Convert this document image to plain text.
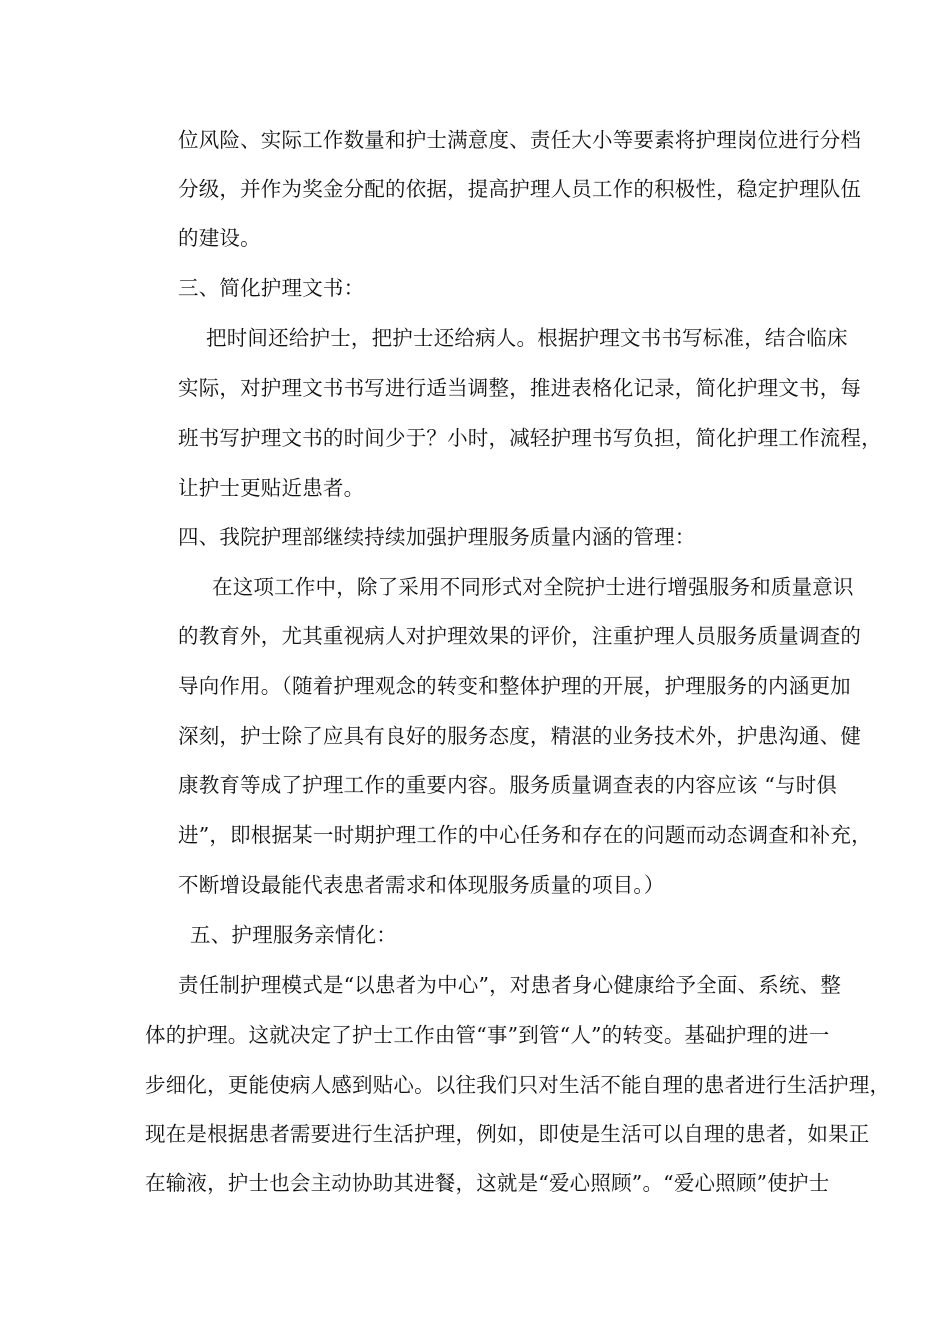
位风险、实际工作数量和护士满意度、责任大小等要素将护理岗位进行分档
分级，并作为奖金分配的依据，提高护理人员工作的积极性，稳定护理队伍
的建设。
三、简化护理文书：
把时间还给护士，把护士还给病人。根据护理文书书写标准，结合临床
实际，对护理文书书写进行适当调整，推进表格化记录，简化护理文书，每
班书写护理文书的时间少于？小时，减轻护理书写负担，简化护理工作流程，
让护士更贴近患者。
四、我院护理部继续持续加强护理服务质量内涵的管理：
在这项工作中，除了采用不同形式对全院护士进行增强服务和质量意识
的教育外，尤其重视病人对护理效果的评价，注重护理人员服务质量调查的
导向作用。（随着护理观念的转变和整体护理的开展，护理服务的内涵更加
深刻，护士除了应具有良好的服务态度，精湛的业务技术外，护患沟通、健
康教育等成了护理工作的重要内容。服务质量调查表的内容应该 “与时俱
进”，即根据某一时期护理工作的中心任务和存在的问题而动态调查和补充，
不断增设最能代表患者需求和体现服务质量的项目。）
五、护理服务亲情化：
责任制护理模式是“以患者为中心”，对患者身心健康给予全面、系统、整
体的护理。这就决定了护士工作由管“事”到管“人”的转变。基础护理的进一
步细化，更能使病人感到贴心。以往我们只对生活不能自理的患者进行生活护理，
现在是根据患者需要进行生活护理，例如，即使是生活可以自理的患者，如果正
在输液，护士也会主动协助其进餐，这就是“爱心照顾”。“爱心照顾”使护士
